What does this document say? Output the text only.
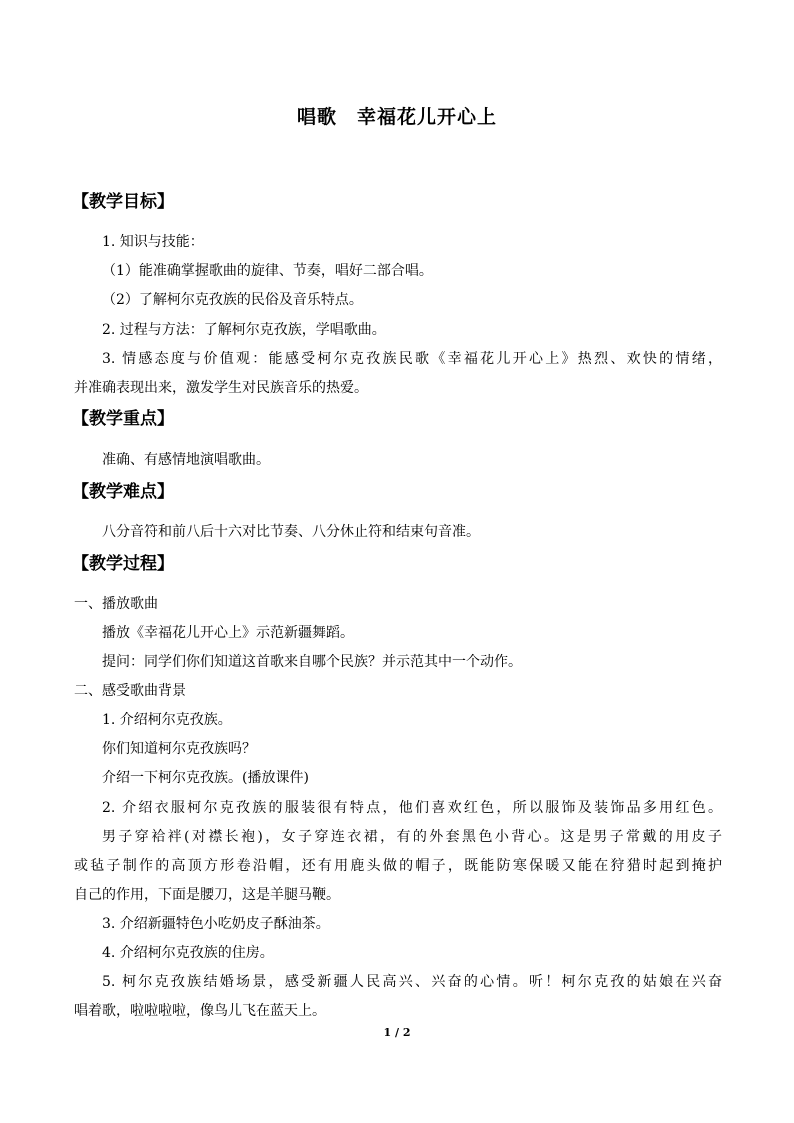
唱歌　幸福花儿开心上
【教学目标】
1. 知识与技能：
（1）能准确掌握歌曲的旋律、节奏，唱好二部合唱。
（2）了解柯尔克孜族的民俗及音乐特点。
2. 过程与方法：了解柯尔克孜族，学唱歌曲。
3. 情感态度与价值观：能感受柯尔克孜族民歌《幸福花儿开心上》热烈、欢快的情绪，
并准确表现出来，激发学生对民族音乐的热爱。
【教学重点】
准确、有感情地演唱歌曲。
【教学难点】
八分音符和前八后十六对比节奏、八分休止符和结束句音准。
【教学过程】
一、播放歌曲
播放《幸福花儿开心上》示范新疆舞蹈。
提问：同学们你们知道这首歌来自哪个民族？并示范其中一个动作。
二、感受歌曲背景
1. 介绍柯尔克孜族。
你们知道柯尔克孜族吗？
介绍一下柯尔克孜族。(播放课件)
2. 介绍衣服柯尔克孜族的服装很有特点，他们喜欢红色，所以服饰及装饰品多用红色。
男子穿袷袢(对襟长袍)，女子穿连衣裙，有的外套黑色小背心。这是男子常戴的用皮子
或毡子制作的高顶方形卷沿帽，还有用鹿头做的帽子，既能防寒保暖又能在狩猎时起到掩护
自己的作用，下面是腰刀，这是羊腿马鞭。
3. 介绍新疆特色小吃奶皮子酥油茶。
4. 介绍柯尔克孜族的住房。
5. 柯尔克孜族结婚场景，感受新疆人民高兴、兴奋的心情。听！柯尔克孜的姑娘在兴奋
唱着歌，啦啦啦啦，像鸟儿飞在蓝天上。
1 / 2
